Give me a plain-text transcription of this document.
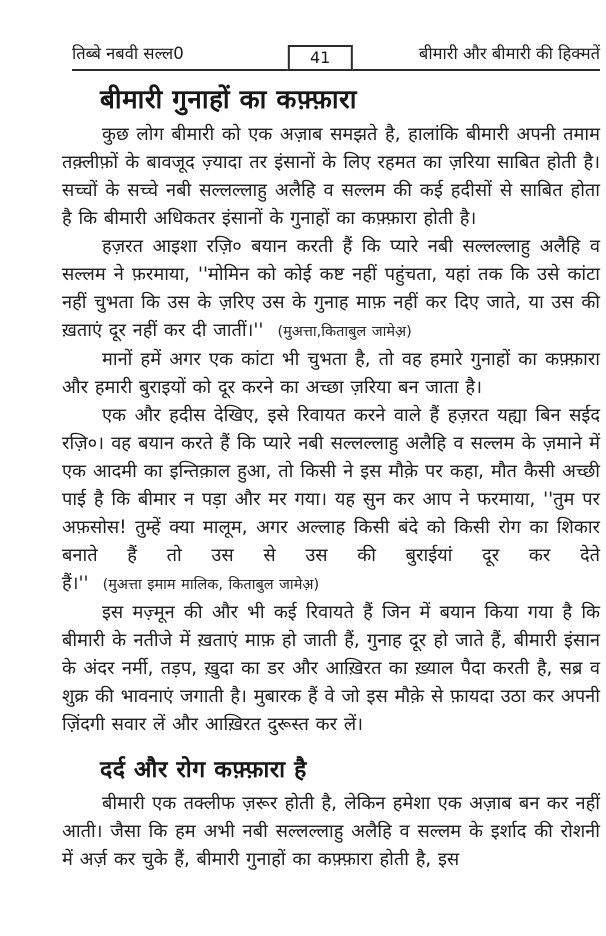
तिब्बे नबवी सल्ल0	41	बीमारी और बीमारी की हिक्मतें
बीमारी गुनाहों का कफ़्फ़ारा

कुछ लोग बीमारी को एक अज़ाब समझते है, हालांकि बीमारी अपनी तमाम तक़्लीफ़ों के बावजूद ज़्यादा तर इंसानों के लिए रहमत का ज़रिया साबित होती है। सच्चों के सच्चे नबी सल्लल्लाहु अलैहि व सल्लम की कई हदीसों से साबित होता है कि बीमारी अधिकतर इंसानों के गुनाहों का कफ़्फ़ारा होती है।

हज़रत आइशा रज़ि० बयान करती हैं कि प्यारे नबी सल्लल्लाहु अलैहि व सल्लम ने फ़रमाया, ''मोमिन को कोई कष्ट नहीं पहुंचता, यहां तक कि उसे कांटा नहीं चुभता कि उस के ज़रिए उस के गुनाह माफ़ नहीं कर दिए जाते, या उस की ख़ताएं दूर नहीं कर दी जातीं।'' (मुअत्ता,किताबुल जामेअ़)

मानों हमें अगर एक कांटा भी चुभता है, तो वह हमारे गुनाहों का कफ़्फ़ारा और हमारी बुराइयों को दूर करने का अच्छा ज़रिया बन जाता है।

एक और हदीस देखिए, इसे रिवायत करने वाले हैं हज़रत यह्या बिन सईद रज़ि०। वह बयान करते हैं कि प्यारे नबी सल्लल्लाहु अलैहि व सल्लम के ज़माने में एक आदमी का इन्तिक़ाल हुआ, तो किसी ने इस मौक़े पर कहा, मौत कैसी अच्छी पाई है कि बीमार न पड़ा और मर गया। यह सुन कर आप ने फरमाया, ''तुम पर अफ़सोस! तुम्हें क्या मालूम, अगर अल्लाह किसी बंदे को किसी रोग का शिकार बनाते हैं तो उस से उस की बुराईयां दूर कर देते हैं।'' (मुअत्ता इमाम मालिक, किताबुल जामेअ़)

इस मज़्मून की और भी कई रिवायते हैं जिन में बयान किया गया है कि बीमारी के नतीजे में ख़ताएं माफ़ हो जाती हैं, गुनाह दूर हो जाते हैं, बीमारी इंसान के अंदर नर्मी, तड़प, ख़ुदा का डर और आख़िरत का ख़्याल पैदा करती है, सब्र व शुक्र की भावनाएं जगाती है। मुबारक हैं वे जो इस मौक़े से फ़ायदा उठा कर अपनी ज़िंदगी सवार लें और आख़िरत दुरूस्त कर लें।

दर्द और रोग कफ़्फ़ारा है

बीमारी एक तक्लीफ ज़रूर होती है, लेकिन हमेशा एक अज़ाब बन कर नहीं आती। जैसा कि हम अभी नबी सल्लल्लाहु अलैहि व सल्लम के इर्शाद की रोशनी में अर्ज़ कर चुके हैं, बीमारी गुनाहों का कफ़्फ़ारा होती है, इस
